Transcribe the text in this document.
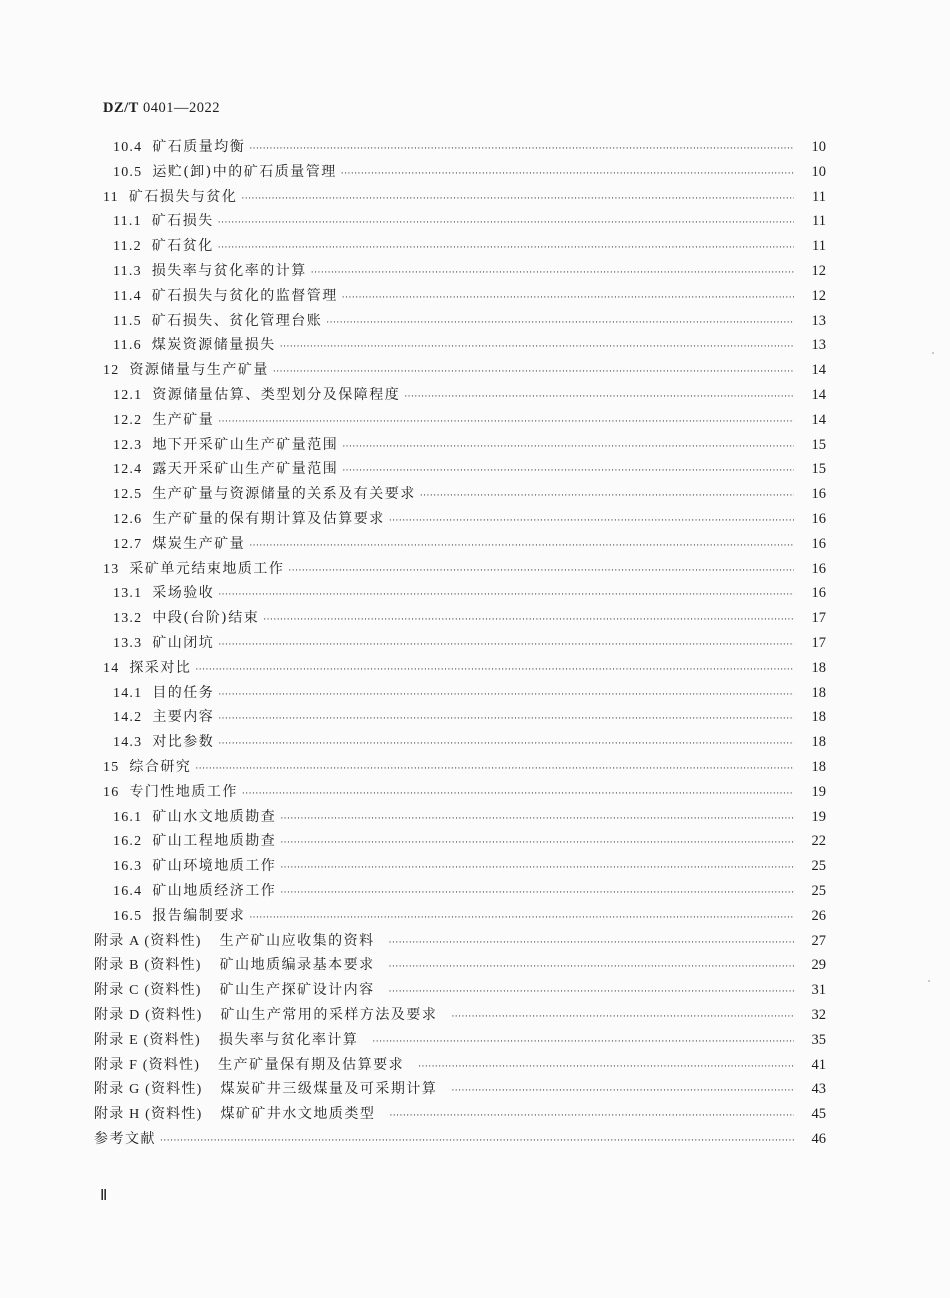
DZ/T 0401—2022
10.4 矿石质量均衡 ·····	10
10.5 运贮(卸)中的矿石质量管理 ·····	10
11 矿石损失与贫化 ·····	11
11.1 矿石损失 ·····	11
11.2 矿石贫化 ·····	11
11.3 损失率与贫化率的计算 ·····	12
11.4 矿石损失与贫化的监督管理 ·····	12
11.5 矿石损失、贫化管理台账 ·····	13
11.6 煤炭资源储量损失 ·····	13
12 资源储量与生产矿量 ·····	14
12.1 资源储量估算、类型划分及保障程度 ·····	14
12.2 生产矿量 ·····	14
12.3 地下开采矿山生产矿量范围 ·····	15
12.4 露天开采矿山生产矿量范围 ·····	15
12.5 生产矿量与资源储量的关系及有关要求 ·····	16
12.6 生产矿量的保有期计算及估算要求 ·····	16
12.7 煤炭生产矿量 ·····	16
13 采矿单元结束地质工作 ·····	16
13.1 采场验收 ·····	16
13.2 中段(台阶)结束 ·····	17
13.3 矿山闭坑 ·····	17
14 探采对比 ·····	18
14.1 目的任务 ·····	18
14.2 主要内容 ·····	18
14.3 对比参数 ·····	18
15 综合研究 ·····	18
16 专门性地质工作 ·····	19
16.1 矿山水文地质勘查 ·····	19
16.2 矿山工程地质勘查 ·····	22
16.3 矿山环境地质工作 ·····	25
16.4 矿山地质经济工作 ·····	25
16.5 报告编制要求 ·····	26
附录 A (资料性) 生产矿山应收集的资料 ·····	27
附录 B (资料性) 矿山地质编录基本要求 ·····	29
附录 C (资料性) 矿山生产探矿设计内容 ·····	31
附录 D (资料性) 矿山生产常用的采样方法及要求 ·····	32
附录 E (资料性) 损失率与贫化率计算 ·····	35
附录 F (资料性) 生产矿量保有期及估算要求 ·····	41
附录 G (资料性) 煤炭矿井三级煤量及可采期计算 ·····	43
附录 H (资料性) 煤矿矿井水文地质类型 ·····	45
参考文献 ·····	46
Ⅱ
